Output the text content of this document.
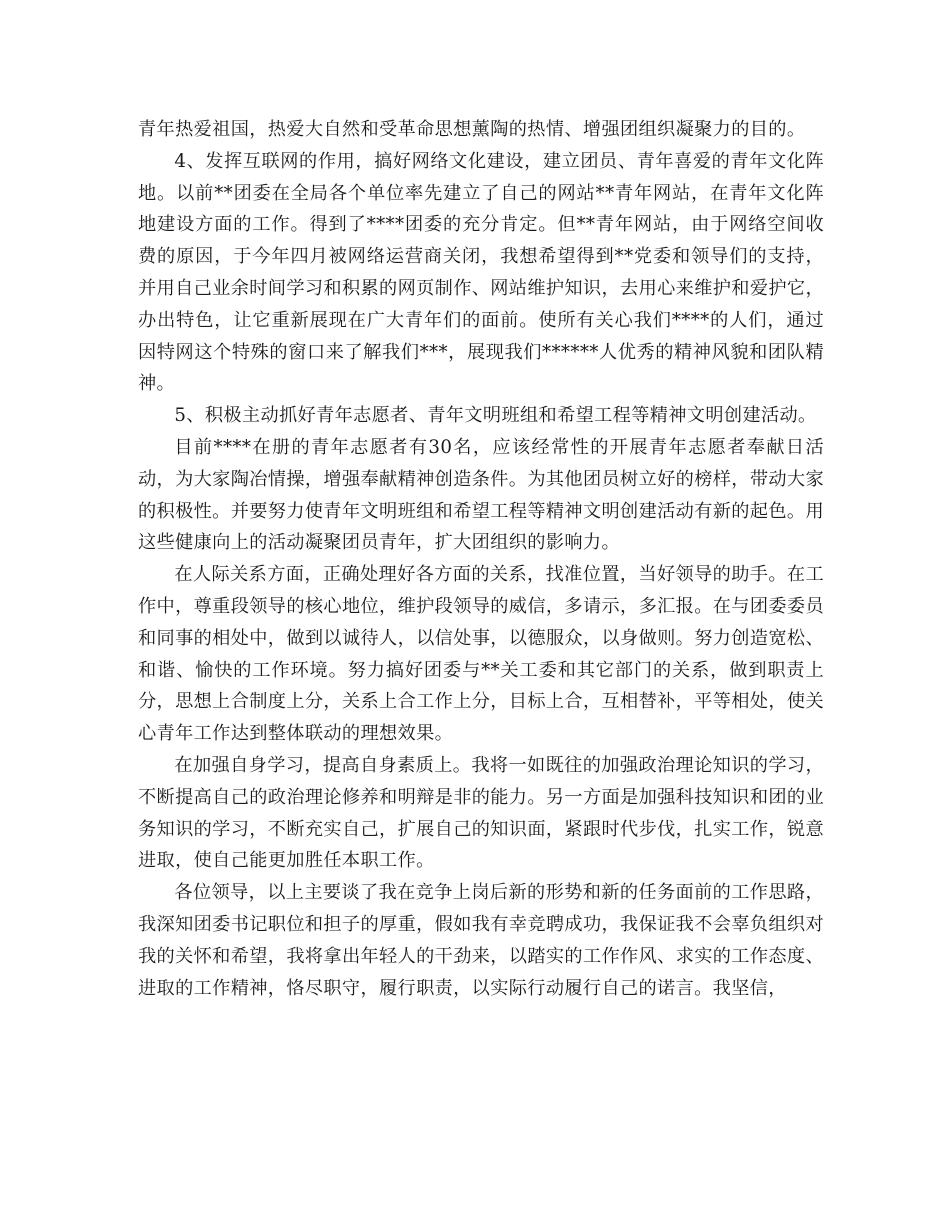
青年热爱祖国，热爱大自然和受革命思想薰陶的热情、增强团组织凝聚力的目的。

4、发挥互联网的作用，搞好网络文化建设，建立团员、青年喜爱的青年文化阵地。以前**团委在全局各个单位率先建立了自己的网站**青年网站，在青年文化阵地建设方面的工作。得到了****团委的充分肯定。但**青年网站，由于网络空间收费的原因，于今年四月被网络运营商关闭，我想希望得到**党委和领导们的支持，并用自己业余时间学习和积累的网页制作、网站维护知识，去用心来维护和爱护它，办出特色，让它重新展现在广大青年们的面前。使所有关心我们****的人们，通过因特网这个特殊的窗口来了解我们***，展现我们******人优秀的精神风貌和团队精神。

5、积极主动抓好青年志愿者、青年文明班组和希望工程等精神文明创建活动。

目前****在册的青年志愿者有30名，应该经常性的开展青年志愿者奉献日活动，为大家陶冶情操，增强奉献精神创造条件。为其他团员树立好的榜样，带动大家的积极性。并要努力使青年文明班组和希望工程等精神文明创建活动有新的起色。用这些健康向上的活动凝聚团员青年，扩大团组织的影响力。

在人际关系方面，正确处理好各方面的关系，找准位置，当好领导的助手。在工作中，尊重段领导的核心地位，维护段领导的威信，多请示，多汇报。在与团委委员和同事的相处中，做到以诚待人，以信处事，以德服众，以身做则。努力创造宽松、和谐、愉快的工作环境。努力搞好团委与**关工委和其它部门的关系，做到职责上分，思想上合制度上分，关系上合工作上分，目标上合，互相替补，平等相处，使关心青年工作达到整体联动的理想效果。

在加强自身学习，提高自身素质上。我将一如既往的加强政治理论知识的学习，不断提高自己的政治理论修养和明辩是非的能力。另一方面是加强科技知识和团的业务知识的学习，不断充实自己，扩展自己的知识面，紧跟时代步伐，扎实工作，锐意进取，使自己能更加胜任本职工作。

各位领导，以上主要谈了我在竞争上岗后新的形势和新的任务面前的工作思路，我深知团委书记职位和担子的厚重，假如我有幸竞聘成功，我保证我不会辜负组织对我的关怀和希望，我将拿出年轻人的干劲来，以踏实的工作作风、求实的工作态度、进取的工作精神，恪尽职守，履行职责，以实际行动履行自己的诺言。我坚信，
